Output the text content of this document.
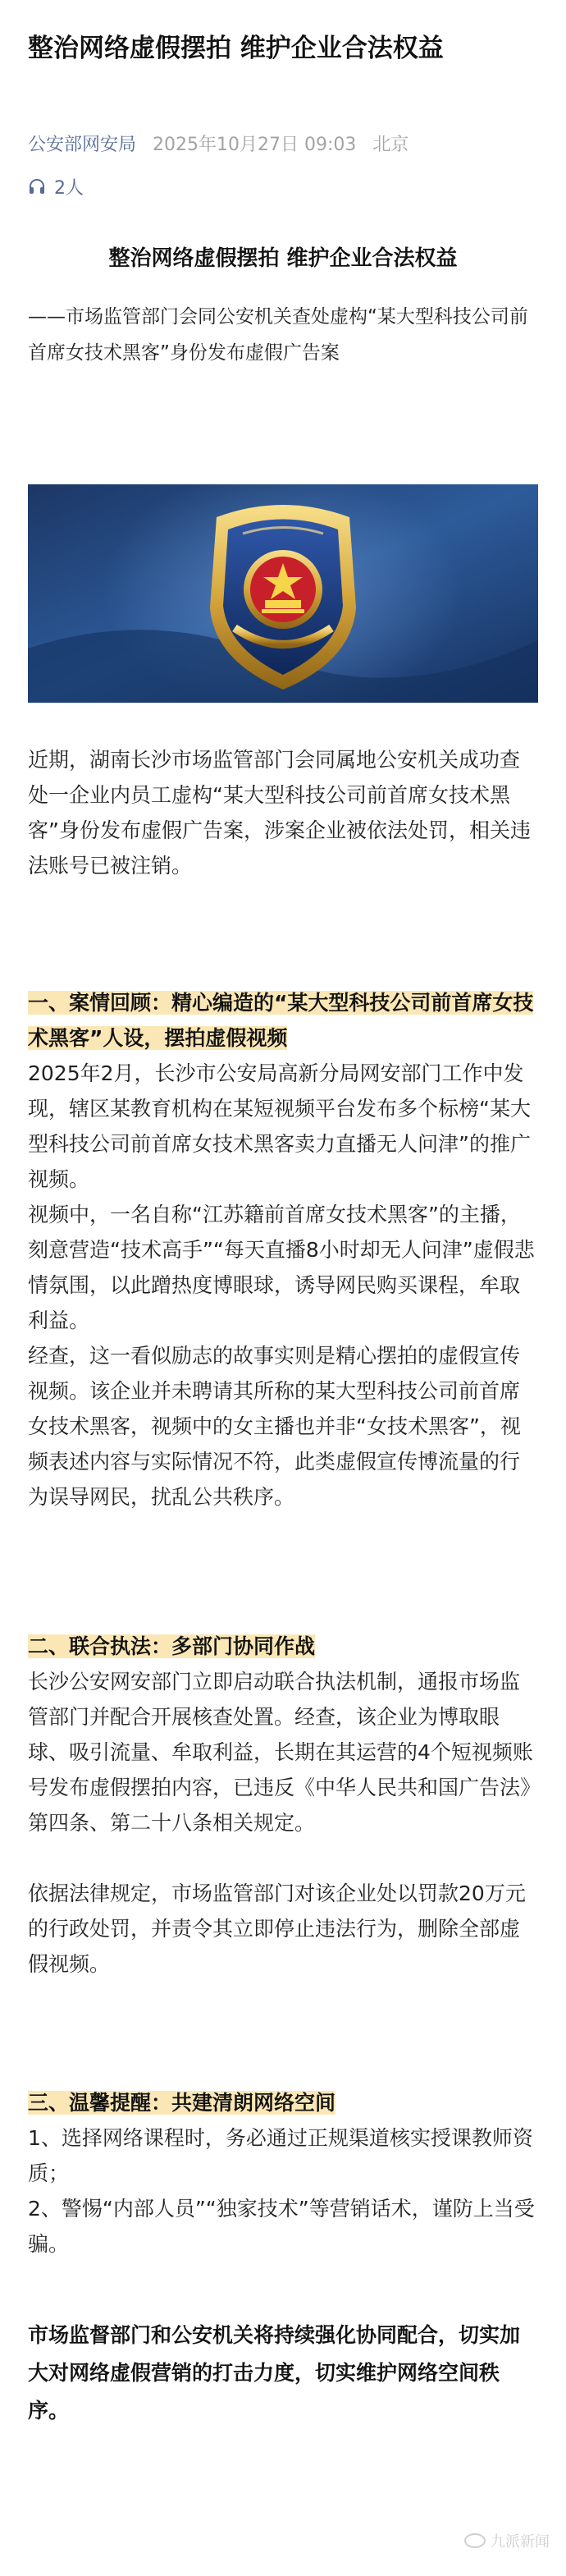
整治网络虚假摆拍 维护企业合法权益
公安部网安局 2025年10月27日 09:03 北京
2人
整治网络虚假摆拍 维护企业合法权益
——市场监管部门会同公安机关查处虚构“某大型科技公司前首席女技术黑客”身份发布虚假广告案

近期，湖南长沙市场监管部门会同属地公安机关成功查处一企业内员工虚构“某大型科技公司前首席女技术黑客”身份发布虚假广告案，涉案企业被依法处罚，相关违法账号已被注销。

一、案情回顾：精心编造的“某大型科技公司前首席女技术黑客”人设，摆拍虚假视频

2025年2月，长沙市公安局高新分局网安部门工作中发现，辖区某教育机构在某短视频平台发布多个标榜“某大型科技公司前首席女技术黑客卖力直播无人问津”的推广视频。

视频中，一名自称“江苏籍前首席女技术黑客”的主播，刻意营造“技术高手”“每天直播8小时却无人问津”虚假悲情氛围，以此蹭热度博眼球，诱导网民购买课程，牟取利益。

经查，这一看似励志的故事实则是精心摆拍的虚假宣传视频。该企业并未聘请其所称的某大型科技公司前首席女技术黑客，视频中的女主播也并非“女技术黑客”，视频表述内容与实际情况不符，此类虚假宣传博流量的行为误导网民，扰乱公共秩序。

二、联合执法：多部门协同作战

长沙公安网安部门立即启动联合执法机制，通报市场监管部门并配合开展核查处置。经查，该企业为博取眼球、吸引流量、牟取利益，长期在其运营的4个短视频账号发布虚假摆拍内容，已违反《中华人民共和国广告法》第四条、第二十八条相关规定。

依据法律规定，市场监管部门对该企业处以罚款20万元的行政处罚，并责令其立即停止违法行为，删除全部虚假视频。

三、温馨提醒：共建清朗网络空间

1、选择网络课程时，务必通过正规渠道核实授课教师资质；

2、警惕“内部人员”“独家技术”等营销话术，谨防上当受骗。

市场监督部门和公安机关将持续强化协同配合，切实加大对网络虚假营销的打击力度，切实维护网络空间秩序。

九派新闻
